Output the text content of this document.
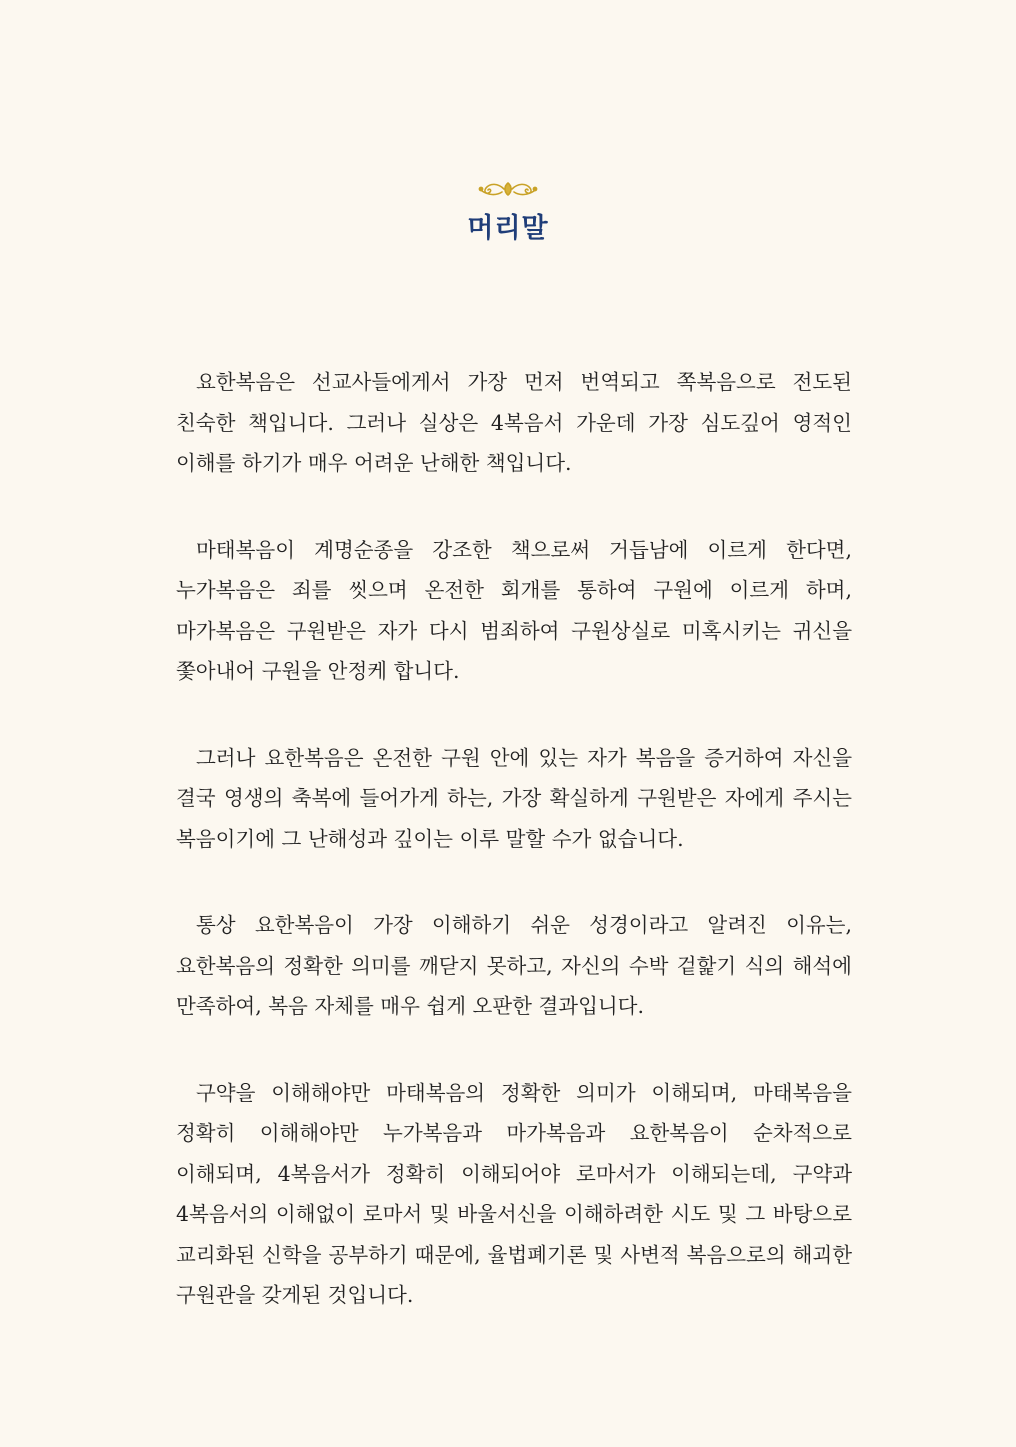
머리말

요한복음은 선교사들에게서 가장 먼저 번역되고 쪽복음으로 전도된 친숙한 책입니다. 그러나 실상은 4복음서 가운데 가장 심도깊어 영적인 이해를 하기가 매우 어려운 난해한 책입니다.

마태복음이 계명순종을 강조한 책으로써 거듭남에 이르게 한다면, 누가복음은 죄를 씻으며 온전한 회개를 통하여 구원에 이르게 하며, 마가복음은 구원받은 자가 다시 범죄하여 구원상실로 미혹시키는 귀신을 쫓아내어 구원을 안정케 합니다.

그러나 요한복음은 온전한 구원 안에 있는 자가 복음을 증거하여 자신을 결국 영생의 축복에 들어가게 하는, 가장 확실하게 구원받은 자에게 주시는 복음이기에 그 난해성과 깊이는 이루 말할 수가 없습니다.

통상 요한복음이 가장 이해하기 쉬운 성경이라고 알려진 이유는, 요한복음의 정확한 의미를 깨닫지 못하고, 자신의 수박 겉핥기 식의 해석에 만족하여, 복음 자체를 매우 쉽게 오판한 결과입니다.

구약을 이해해야만 마태복음의 정확한 의미가 이해되며, 마태복음을 정확히 이해해야만 누가복음과 마가복음과 요한복음이 순차적으로 이해되며, 4복음서가 정확히 이해되어야 로마서가 이해되는데, 구약과 4복음서의 이해없이 로마서 및 바울서신을 이해하려한 시도 및 그 바탕으로 교리화된 신학을 공부하기 때문에, 율법폐기론 및 사변적 복음으로의 해괴한 구원관을 갖게된 것입니다.
